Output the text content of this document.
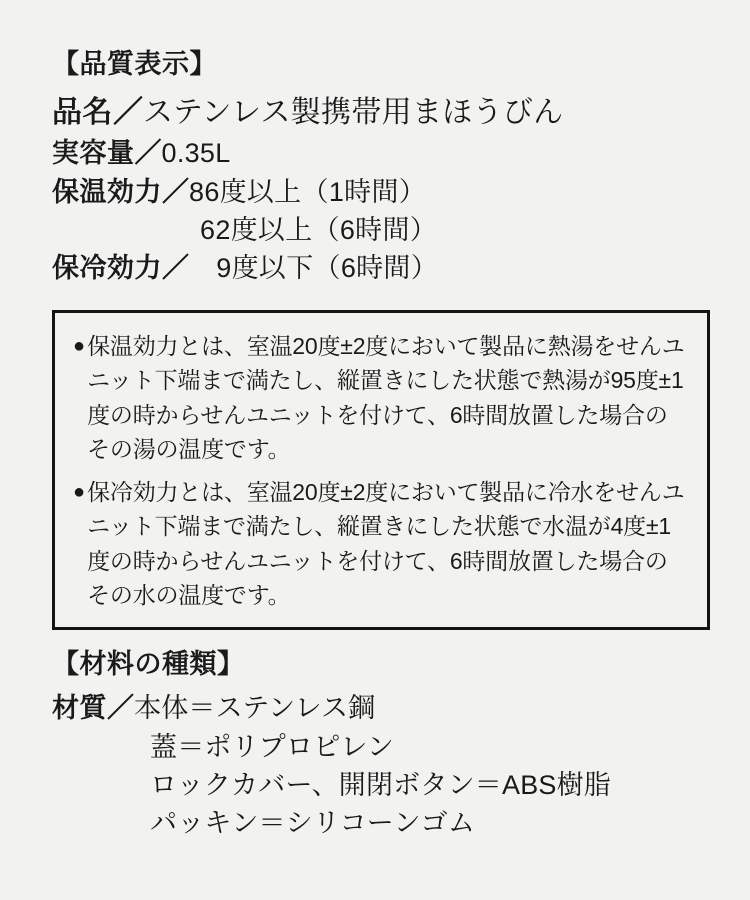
【品質表示】
品名 ／ ステンレス製携帯用まほうびん
実容量 ／ 0.35L
保温効力 ／ 86度以上（1時間）
62度以上（6時間）
保冷効力 ／ 　9度以下（6時間）
● 保温効力とは、室温20度±2度において製品に熱湯をせんユニット下端まで満たし、縦置きにした状態で熱湯が95度±1度の時からせんユニットを付けて、6時間放置した場合のその湯の温度です。
● 保冷効力とは、室温20度±2度において製品に冷水をせんユニット下端まで満たし、縦置きにした状態で水温が4度±1度の時からせんユニットを付けて、6時間放置した場合のその水の温度です。
【材料の種類】
材質 ／ 本体＝ステンレス鋼
蓋＝ポリプロピレン
ロックカバー、開閉ボタン＝ABS樹脂
パッキン＝シリコーンゴム
